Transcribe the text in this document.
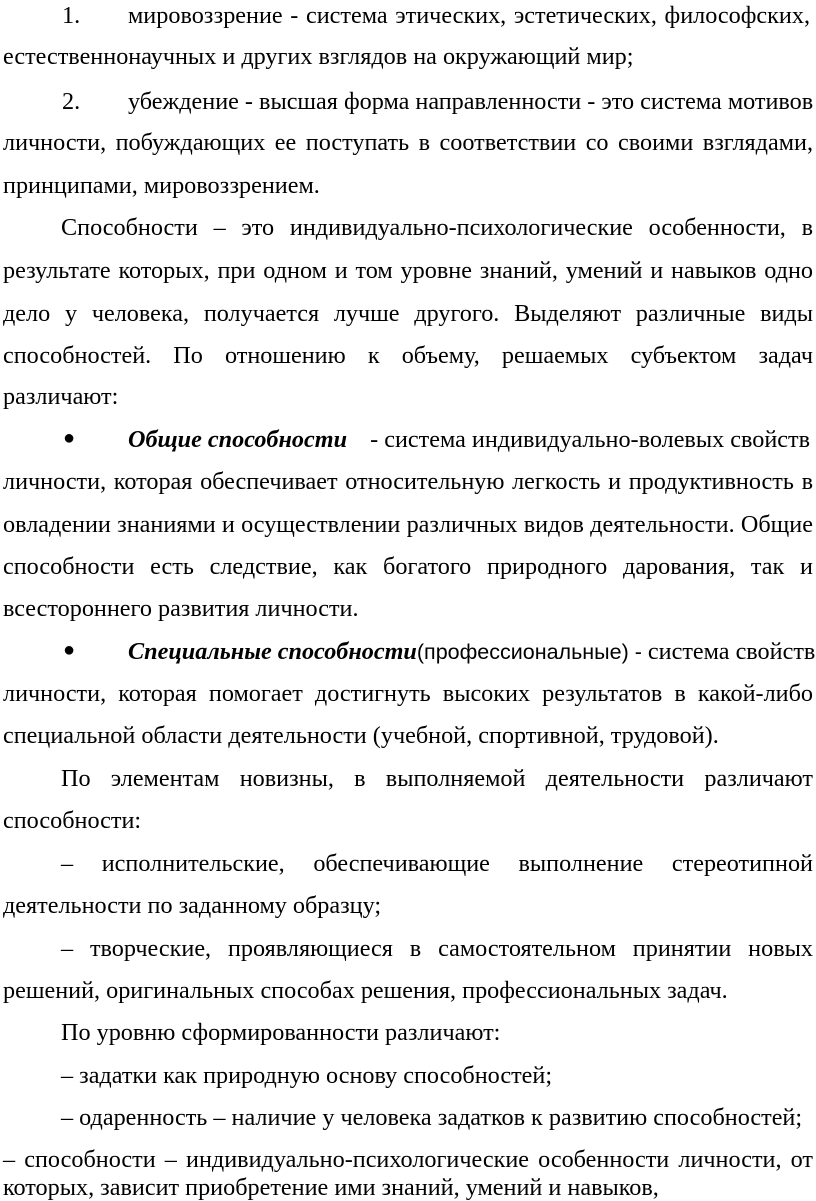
1. мировоззрение - система этических, эстетических, философских,
естественнонаучных и других взглядов на окружающий мир;
2. убеждение - высшая форма направленности - это система мотивов
личности, побуждающих ее поступать в соответствии со своими взглядами,
принципами, мировоззрением.
Способности – это индивидуально-психологические особенности, в
результате которых, при одном и том уровне знаний, умений и навыков одно
дело у человека, получается лучше другого. Выделяют различные виды
способностей. По отношению к объему, решаемых субъектом задач
различают:
● Общие способности - система индивидуально-волевых свойств
личности, которая обеспечивает относительную легкость и продуктивность в
овладении знаниями и осуществлении различных видов деятельности. Общие
способности есть следствие, как богатого природного дарования, так и
всестороннего развития личности.
● Специальные способности (профессиональные) - система свойств
личности, которая помогает достигнуть высоких результатов в какой-либо
специальной области деятельности (учебной, спортивной, трудовой).
По элементам новизны, в выполняемой деятельности различают
способности:
– исполнительские, обеспечивающие выполнение стереотипной
деятельности по заданному образцу;
– творческие, проявляющиеся в самостоятельном принятии новых
решений, оригинальных способах решения, профессиональных задач.
По уровню сформированности различают:
– задатки как природную основу способностей;
– одаренность – наличие у человека задатков к развитию способностей;
– способности – индивидуально-психологические особенности личности, от
которых, зависит приобретение ими знаний, умений и навыков,
